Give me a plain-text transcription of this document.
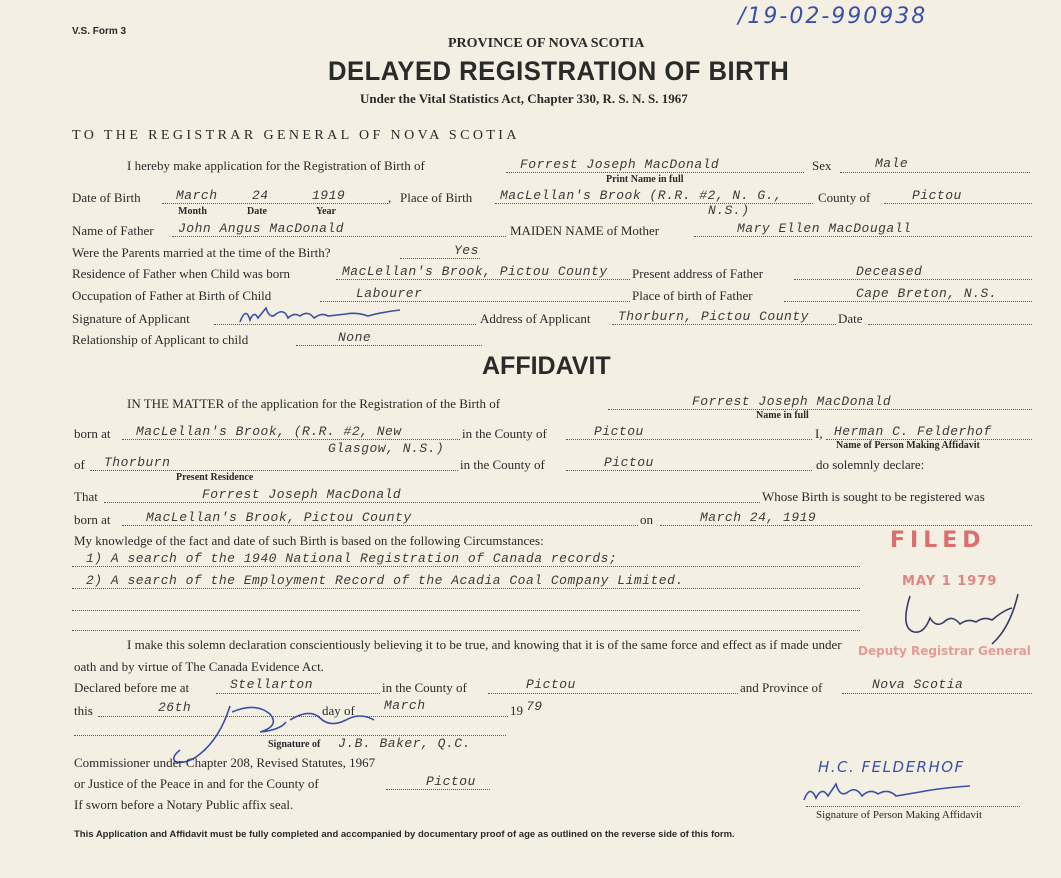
V.S. Form 3
/19-02-990938
PROVINCE OF NOVA SCOTIA
DELAYED REGISTRATION OF BIRTH
Under the Vital Statistics Act, Chapter 330, R. S. N. S. 1967
TO THE REGISTRAR GENERAL OF NOVA SCOTIA
I hereby make application for the Registration of Birth of	Forrest Joseph MacDonald	Sex	Male
Print Name in full
Date of Birth	March	24	1919
Month	Date	Year
, Place of Birth MacLellan's Brook (R.R. #2, N. G.,
N.S.)
County of	Pictou
Name of Father John Angus MacDonald	MAIDEN NAME of Mother	Mary Ellen MacDougall
Were the Parents married at the time of the Birth?	Yes
Residence of Father when Child was born	MacLellan's Brook, Pictou County Present address of Father	Deceased
Occupation of Father at Birth of Child	Labourer	Place of birth of Father	Cape Breton, N.S.
Signature of Applicant	Address of Applicant Thorburn, Pictou County Date
Relationship of Applicant to child	None
AFFIDAVIT
IN THE MATTER of the application for the Registration of the Birth of	Forrest Joseph MacDonald
Name in full
born at MacLellan's Brook, (R.R. #2, New
Glasgow, N.S.)
in the County of	Pictou	I, Herman C. Felderhof
Name of Person Making Affidavit
of Thorburn
Present Residence
in the County of	Pictou	do solemnly declare:
That	Forrest Joseph MacDonald	Whose Birth is sought to be registered was
born at	MacLellan's Brook, Pictou County	on	March 24, 1919
My knowledge of the fact and date of such Birth is based on the following Circumstances:
1) A search of the 1940 National Registration of Canada records;
2) A search of the Employment Record of the Acadia Coal Company Limited.
FILED
MAY 1 1979
Deputy Registrar General
I make this solemn declaration conscientiously believing it to be true, and knowing that it is of the same force and effect as if made under
oath and by virtue of The Canada Evidence Act.
Declared before me at	Stellarton	in the County of	Pictou	and Province of	Nova Scotia
this	26th	day of March	19 79
Signature of J.B. Baker, Q.C.
Commissioner under Chapter 208, Revised Statutes, 1967
or Justice of the Peace in and for the County of	Pictou
If sworn before a Notary Public affix seal.
H.C. FELDERHOF
Signature of Person Making Affidavit
This Application and Affidavit must be fully completed and accompanied by documentary proof of age as outlined on the reverse side of this form.
